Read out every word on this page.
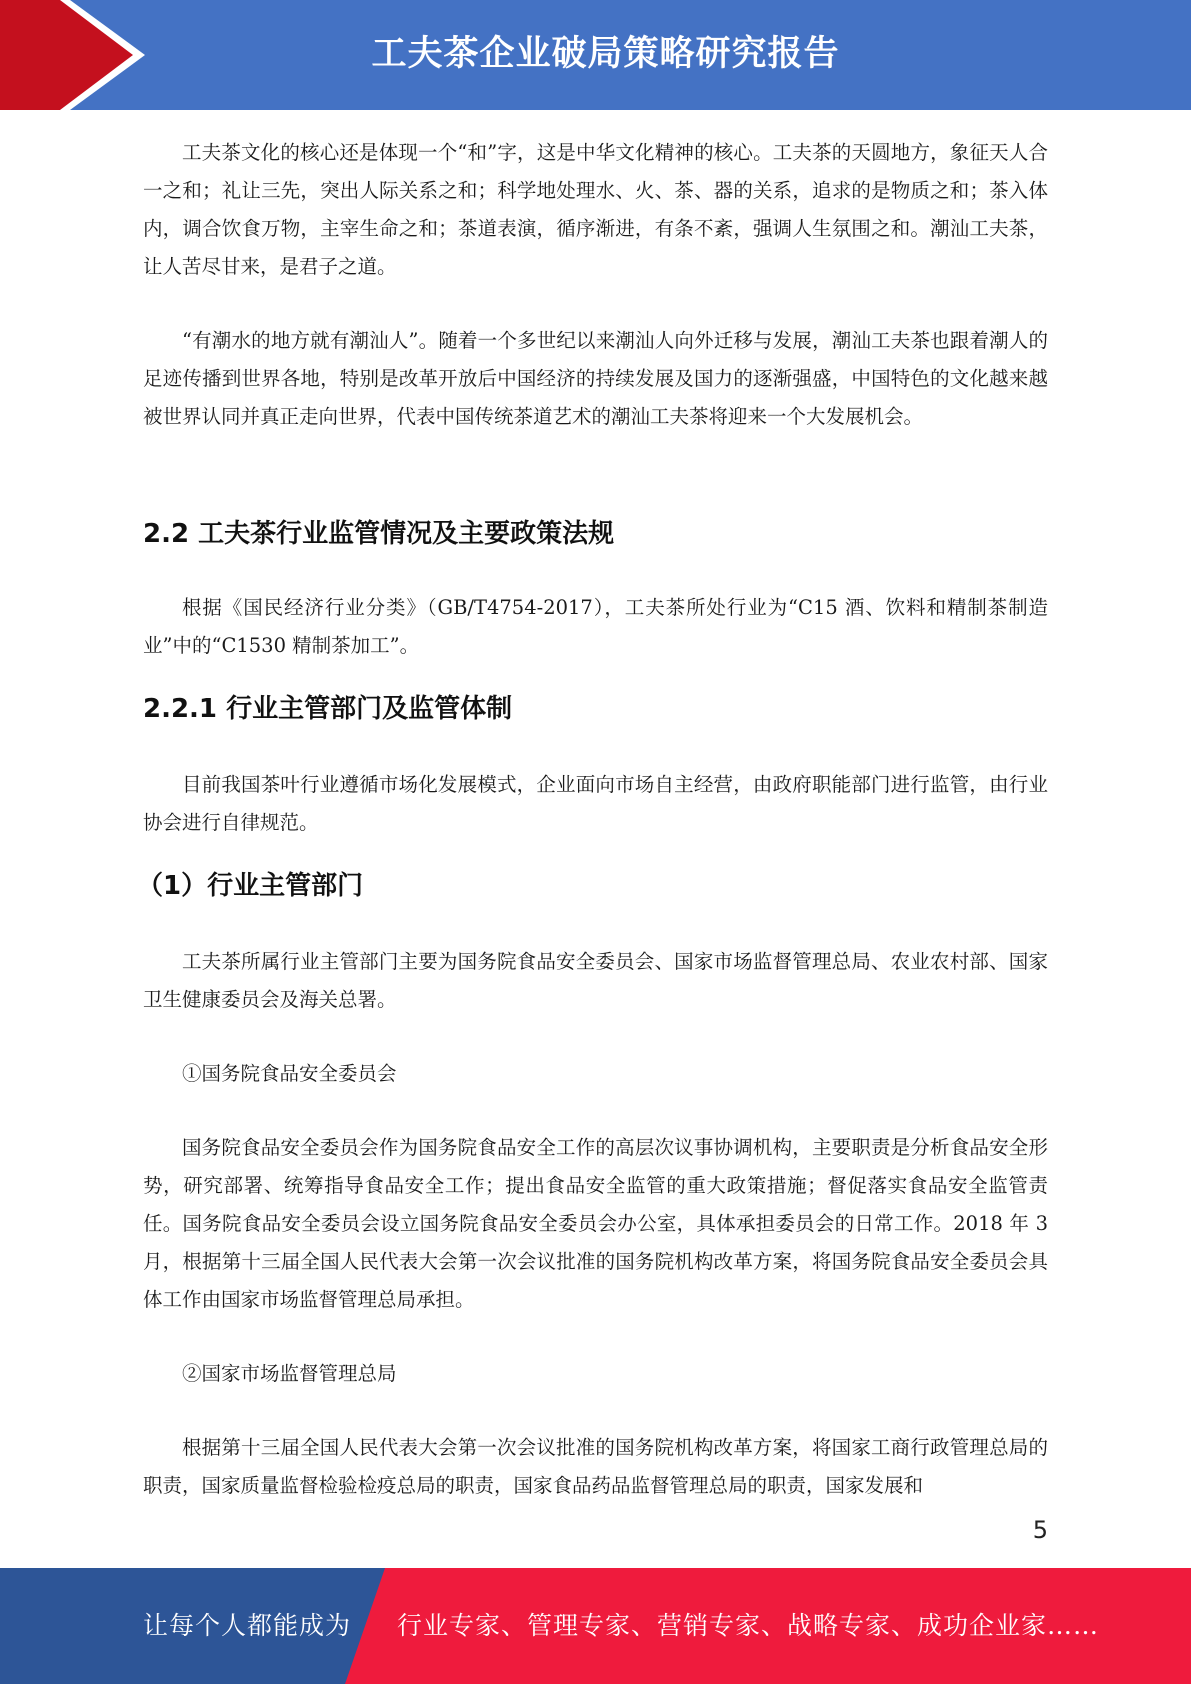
工夫茶企业破局策略研究报告

工夫茶文化的核心还是体现一个“和”字，这是中华文化精神的核心。工夫茶的天圆地方，象征天人合一之和；礼让三先，突出人际关系之和；科学地处理水、火、茶、器的关系，追求的是物质之和；茶入体内，调合饮食万物，主宰生命之和；茶道表演，循序渐进，有条不紊，强调人生氛围之和。潮汕工夫茶，让人苦尽甘来，是君子之道。

“有潮水的地方就有潮汕人”。随着一个多世纪以来潮汕人向外迁移与发展，潮汕工夫茶也跟着潮人的足迹传播到世界各地，特别是改革开放后中国经济的持续发展及国力的逐渐强盛，中国特色的文化越来越被世界认同并真正走向世界，代表中国传统茶道艺术的潮汕工夫茶将迎来一个大发展机会。

2.2 工夫茶行业监管情况及主要政策法规

根据《国民经济行业分类》（GB/T4754-2017），工夫茶所处行业为“C15 酒、饮料和精制茶制造业”中的“C1530 精制茶加工”。

2.2.1 行业主管部门及监管体制

目前我国茶叶行业遵循市场化发展模式，企业面向市场自主经营，由政府职能部门进行监管，由行业协会进行自律规范。

（1）行业主管部门

工夫茶所属行业主管部门主要为国务院食品安全委员会、国家市场监督管理总局、农业农村部、国家卫生健康委员会及海关总署。

①国务院食品安全委员会

国务院食品安全委员会作为国务院食品安全工作的高层次议事协调机构，主要职责是分析食品安全形势，研究部署、统筹指导食品安全工作；提出食品安全监管的重大政策措施；督促落实食品安全监管责任。国务院食品安全委员会设立国务院食品安全委员会办公室，具体承担委员会的日常工作。2018 年 3 月，根据第十三届全国人民代表大会第一次会议批准的国务院机构改革方案，将国务院食品安全委员会具体工作由国家市场监督管理总局承担。

②国家市场监督管理总局

根据第十三届全国人民代表大会第一次会议批准的国务院机构改革方案，将国家工商行政管理总局的职责，国家质量监督检验检疫总局的职责，国家食品药品监督管理总局的职责，国家发展和

5
让每个人都能成为 行业专家、管理专家、营销专家、战略专家、成功企业家……
